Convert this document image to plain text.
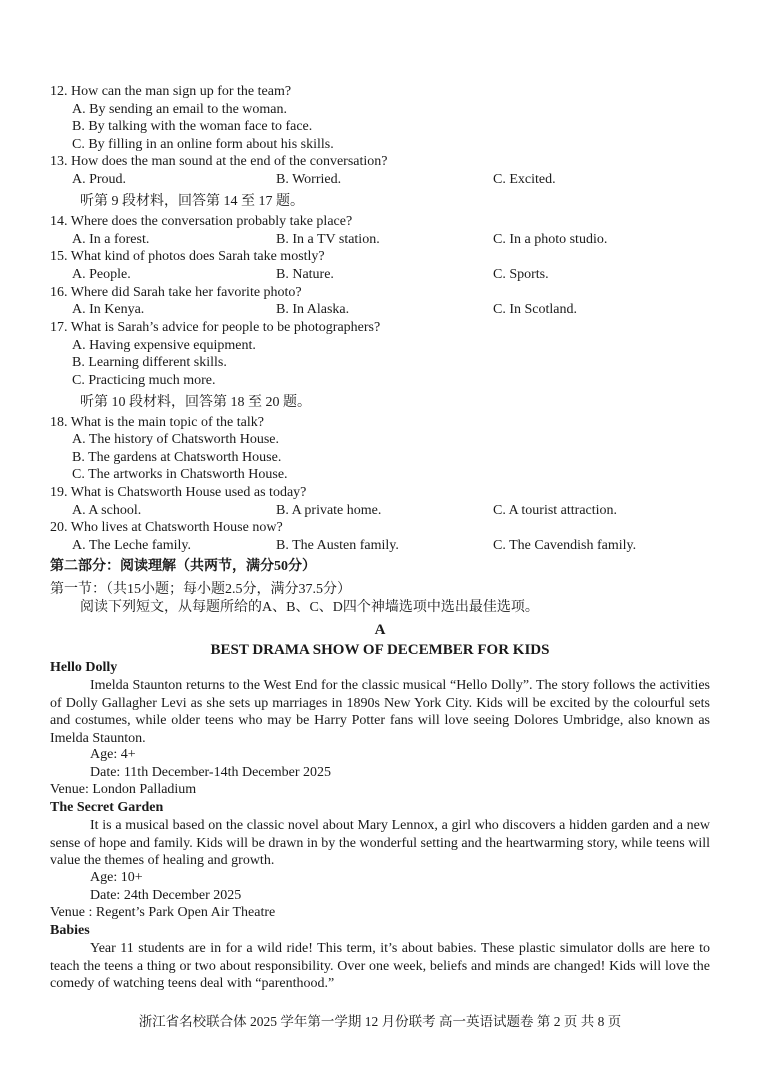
12. How can the man sign up for the team?
A. By sending an email to the woman.
B. By talking with the woman face to face.
C. By filling in an online form about his skills.
13. How does the man sound at the end of the conversation?
A. Proud.	B. Worried.	C. Excited.
听第 9 段材料，回答第 14 至 17 题。
14. Where does the conversation probably take place?
A. In a forest.	B. In a TV station.	C. In a photo studio.
15. What kind of photos does Sarah take mostly?
A. People.	B. Nature.	C. Sports.
16. Where did Sarah take her favorite photo?
A. In Kenya.	B. In Alaska.	C. In Scotland.
17. What is Sarah’s advice for people to be photographers?
A. Having expensive equipment.
B. Learning different skills.
C. Practicing much more.
听第 10 段材料，回答第 18 至 20 题。
18. What is the main topic of the talk?
A. The history of Chatsworth House.
B. The gardens at Chatsworth House.
C. The artworks in Chatsworth House.
19. What is Chatsworth House used as today?
A. A school.	B. A private home.	C. A tourist attraction.
20. Who lives at Chatsworth House now?
A. The Leche family.	B. The Austen family.	C. The Cavendish family.
第二部分：阅读理解（共两节，满分50分）
第一节：（共15小题；每小题2.5分，满分37.5分）
阅读下列短文，从每题所给的A、B、C、D四个神墙选项中选出最佳选项。
A
BEST DRAMA SHOW OF DECEMBER FOR KIDS
Hello Dolly
Imelda Staunton returns to the West End for the classic musical “Hello Dolly”. The story follows the activities of Dolly Gallagher Levi as she sets up marriages in 1890s New York City. Kids will be excited by the colourful sets and costumes, while older teens who may be Harry Potter fans will love seeing Dolores Umbridge, also known as Imelda Staunton.
Age: 4+
Date: 11th December-14th December 2025
Venue: London Palladium
The Secret Garden
It is a musical based on the classic novel about Mary Lennox, a girl who discovers a hidden garden and a new sense of hope and family. Kids will be drawn in by the wonderful setting and the heartwarming story, while teens will value the themes of healing and growth.
Age: 10+
Date: 24th December 2025
Venue : Regent’s Park Open Air Theatre
Babies
Year 11 students are in for a wild ride! This term, it’s about babies. These plastic simulator dolls are here to teach the teens a thing or two about responsibility. Over one week, beliefs and minds are changed! Kids will love the comedy of watching teens deal with “parenthood.”
浙江省名校联合体 2025 学年第一学期 12 月份联考 高一英语试题卷 第 2 页 共 8 页
